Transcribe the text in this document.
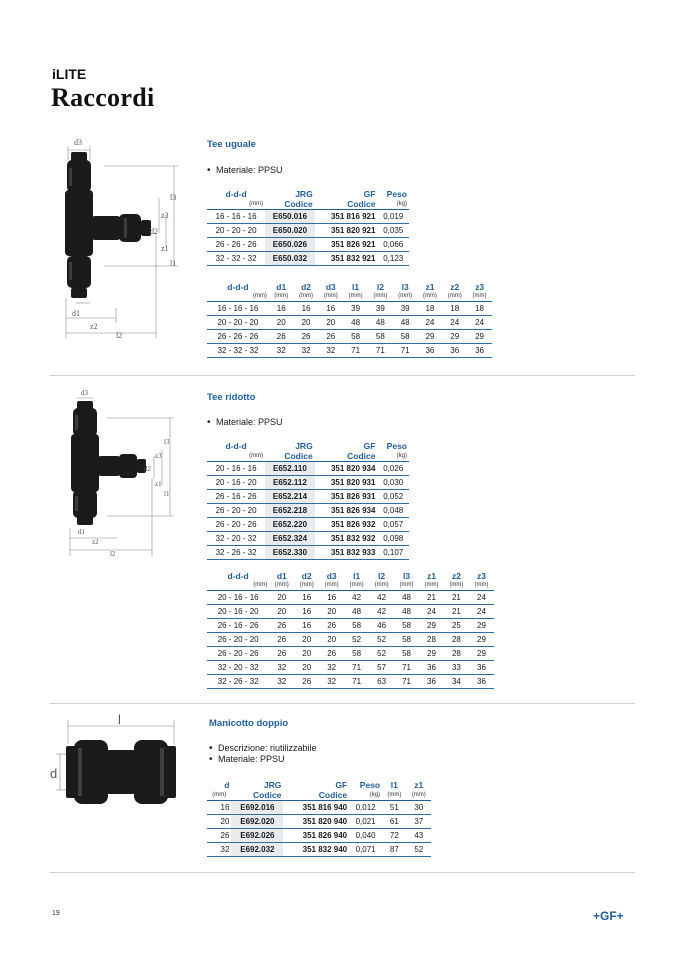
iLITE
Raccordi
d3
l3
z3
d2
z1
l1
d1
z2
l2
Tee uguale
• Materiale: PPSU
d-d-d	JRG	GF	Peso
(mm)	Codice	Codice	(kg)
16 - 16 - 16	E650.016	351 816 921	0,019
20 - 20 - 20	E650.020	351 820 921	0,035
26 - 26 - 26	E650.026	351 826 921	0,066
32 - 32 - 32	E650.032	351 832 921	0,123
d-d-d	d1	d2	d3	l1	l2	l3	z1	z2	z3
(mm)	(mm)	(mm)	(mm)	(mm)	(mm)	(mm)	(mm)	(mm)	(mm)
16 - 16 - 16	16	16	16	39	39	39	18	18	18
20 - 20 - 20	20	20	20	48	48	48	24	24	24
26 - 26 - 26	26	26	26	58	58	58	29	29	29
32 - 32 - 32	32	32	32	71	71	71	36	36	36
d3
l3
z3
d2
z1
l1
d1
z2
l2
Tee ridotto
• Materiale: PPSU
d-d-d	JRG	GF	Peso
(mm)	Codice	Codice	(kg)
20 - 16 - 16	E652.110	351 820 934	0,026
20 - 16 - 20	E652.112	351 820 931	0,030
26 - 16 - 26	E652.214	351 826 931	0,052
26 - 20 - 20	E652.218	351 826 934	0,048
26 - 20 - 26	E652.220	351 826 932	0,057
32 - 20 - 32	E652.324	351 832 932	0,098
32 - 26 - 32	E652.330	351 832 933	0,107
d-d-d	d1	d2	d3	l1	l2	l3	z1	z2	z3
(mm)	(mm)	(mm)	(mm)	(mm)	(mm)	(mm)	(mm)	(mm)	(mm)
20 - 16 - 16	20	16	16	42	42	48	21	21	24
20 - 16 - 20	20	16	20	48	42	48	24	21	24
26 - 16 - 26	26	16	26	58	46	58	29	25	29
26 - 20 - 20	26	20	20	52	52	58	28	28	29
26 - 20 - 26	26	20	26	58	52	58	29	28	29
32 - 20 - 32	32	20	32	71	57	71	36	33	36
32 - 26 - 32	32	26	32	71	63	71	36	34	36
l
d
Manicotto doppio
• Descrizione: riutilizzabile
• Materiale: PPSU
d	JRG	GF	Peso	l1	z1
(mm)	Codice	Codice	(kg)	(mm)	(mm)
16	E692.016	351 816 940	0,012	51	30
20	E692.020	351 820 940	0,021	61	37
26	E692.026	351 826 940	0,040	72	43
32	E692.032	351 832 940	0,071	87	52
19	+GF+
